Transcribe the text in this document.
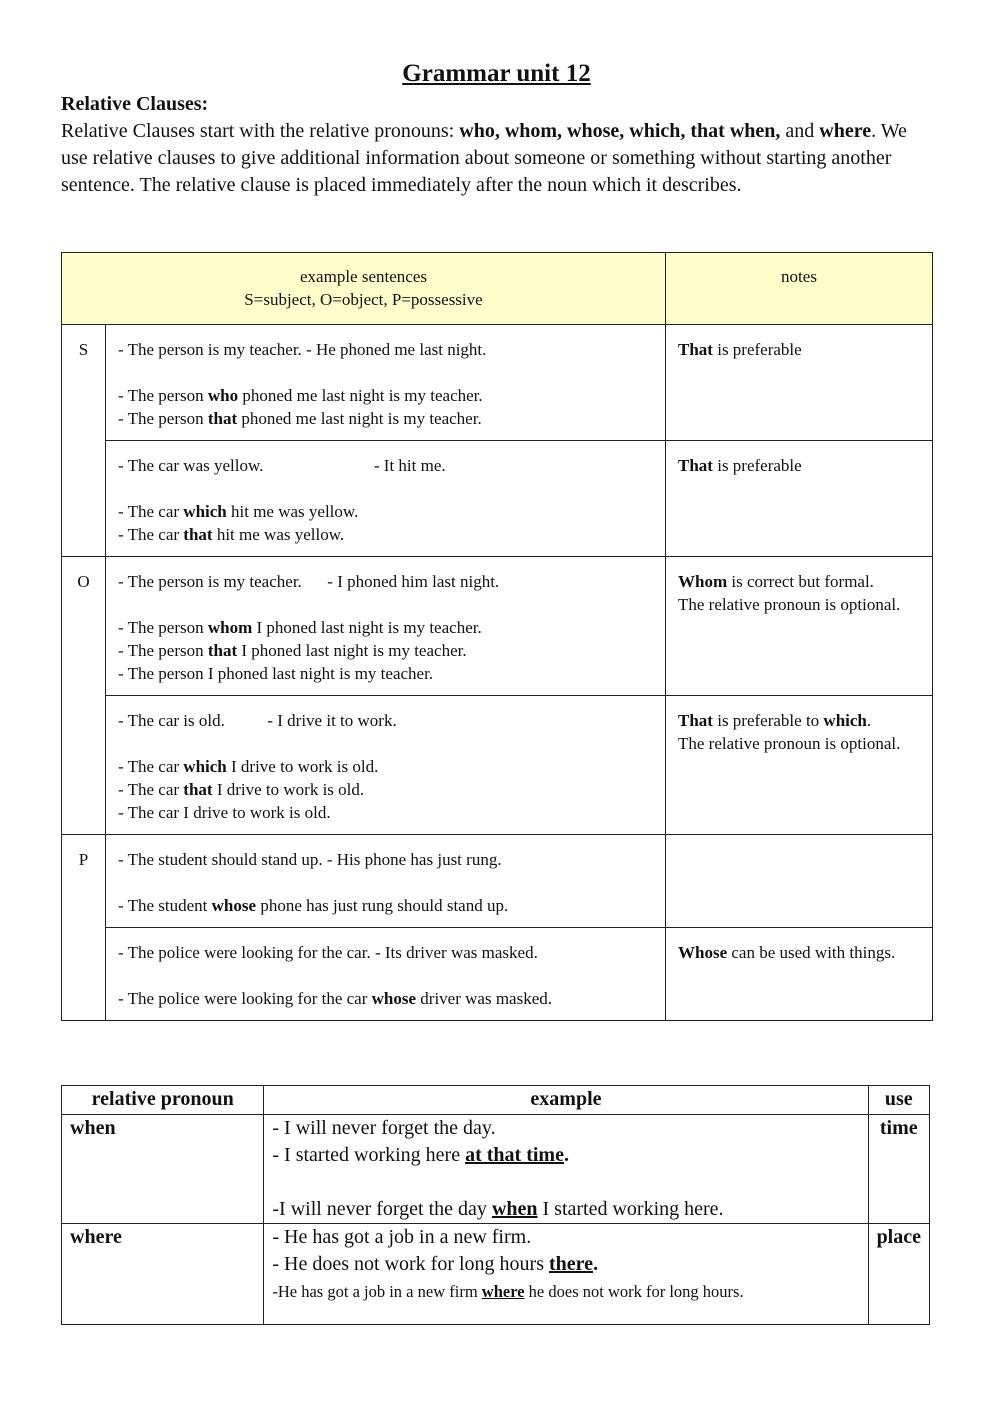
Grammar unit 12

Relative Clauses:

Relative Clauses start with the relative pronouns: who, whom, whose, which, that when, and where. We use relative clauses to give additional information about someone or something without starting another sentence. The relative clause is placed immediately after the noun which it describes.

example sentences
S=subject, O=object, P=possessive		notes
S	- The person is my teacher. - He phoned me last night.
- The person who phoned me last night is my teacher.
- The person that phoned me last night is my teacher.	That is preferable

	- The car was yellow.                          - It hit me.
- The car which hit me was yellow.
- The car that hit me was yellow.	That is preferable
O	- The person is my teacher.      - I phoned him last night.
- The person whom I phoned last night is my teacher.
- The person that I phoned last night is my teacher.
- The person I phoned last night is my teacher.	Whom is correct but formal.
The relative pronoun is optional.

	- The car is old.          - I drive it to work.
- The car which I drive to work is old.
- The car that I drive to work is old.
- The car I drive to work is old.	That is preferable to which.
The relative pronoun is optional.

P	- The student should stand up. - His phone has just rung.
- The student whose phone has just rung should stand up.	

	- The police were looking for the car. - Its driver was masked.
- The police were looking for the car whose driver was masked.	Whose can be used with things.
relative pronoun	example	use
when	- I will never forget the day.
- I started working here at that time.
-I will never forget the day when I started working here.	time
where	- He has got a job in a new firm.
- He does not work for long hours there.
-He has got a job in a new firm where he does not work for long hours.	place
